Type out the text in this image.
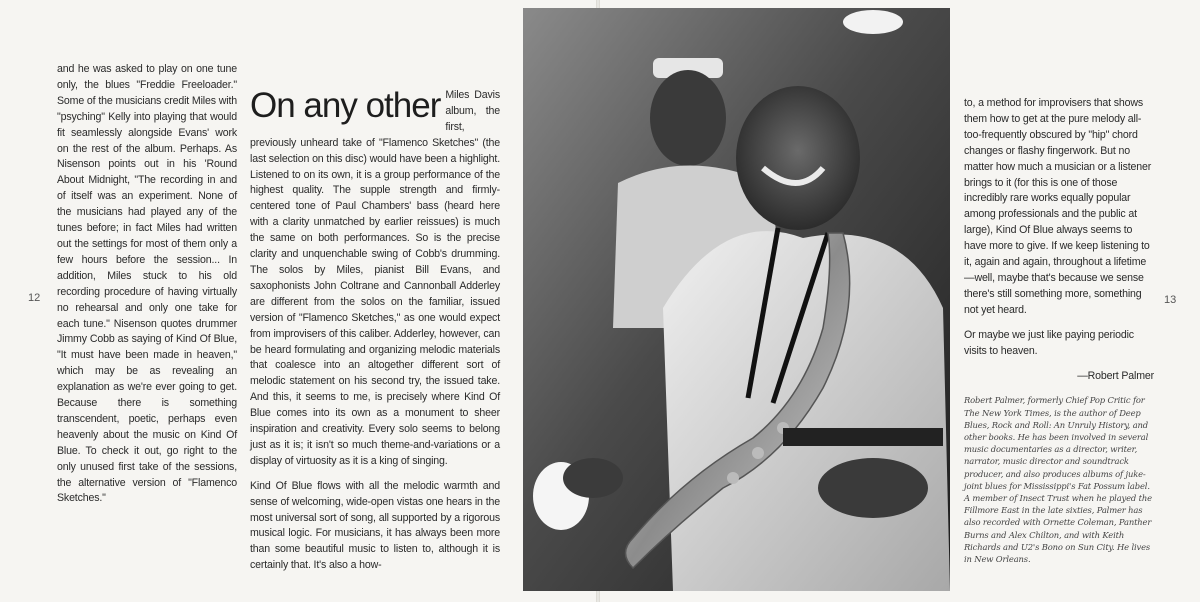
12	13

and he was asked to play on one tune only, the blues "Freddie Freeloader." Some of the musicians credit Miles with "psyching" Kelly into playing that would fit seamlessly alongside Evans' work on the rest of the album. Perhaps. As Nisenson points out in his 'Round About Midnight, "The recording in and of itself was an experiment. None of the musicians had played any of the tunes before; in fact Miles had written out the settings for most of them only a few hours before the session... In addition, Miles stuck to his old recording procedure of having virtually no rehearsal and only one take for each tune." Nisenson quotes drummer Jimmy Cobb as saying of Kind Of Blue, "It must have been made in heaven," which may be as revealing an explanation as we're ever going to get. Because there is something transcendent, poetic, perhaps even heavenly about the music on Kind Of Blue. To check it out, go right to the only unused first take of the sessions, the alternative version of "Flamenco Sketches."

On any other Miles Davis album, the first, previously unheard take of "Flamenco Sketches" (the last selection on this disc) would have been a highlight. Listened to on its own, it is a group performance of the highest quality. The supple strength and firmly-centered tone of Paul Chambers' bass (heard here with a clarity unmatched by earlier reissues) is much the same on both performances. So is the precise clarity and unquenchable swing of Cobb's drumming. The solos by Miles, pianist Bill Evans, and saxophonists John Coltrane and Cannonball Adderley are different from the solos on the familiar, issued version of "Flamenco Sketches," as one would expect from improvisers of this caliber. Adderley, however, can be heard formulating and organizing melodic materials that coalesce into an altogether different sort of melodic statement on his second try, the issued take. And this, it seems to me, is precisely where Kind Of Blue comes into its own as a monument to sheer inspiration and creativity. Every solo seems to belong just as it is; it isn't so much theme-and-variations or a display of virtuosity as it is a king of singing.

Kind Of Blue flows with all the melodic warmth and sense of welcoming, wide-open vistas one hears in the most universal sort of song, all supported by a rigorous musical logic. For musicians, it has always been more than some beautiful music to listen to, although it is certainly that. It's also a how-

to, a method for improvisers that shows them how to get at the pure melody all-too-frequently obscured by "hip" chord changes or flashy fingerwork. But no matter how much a musician or a listener brings to it (for this is one of those incredibly rare works equally popular among professionals and the public at large), Kind Of Blue always seems to have more to give. If we keep listening to it, again and again, throughout a lifetime—well, maybe that's because we sense there's still something more, something not yet heard.

Or maybe we just like paying periodic visits to heaven.

—Robert Palmer
Robert Palmer, formerly Chief Pop Critic for The New York Times, is the author of Deep Blues, Rock and Roll: An Unruly History, and other books. He has been involved in several music documentaries as a director, writer, narrator, music director and soundtrack producer, and also produces albums of juke-joint blues for Mississippi's Fat Possum label. A member of Insect Trust when he played the Fillmore East in the late sixties, Palmer has also recorded with Ornette Coleman, Panther Burns and Alex Chilton, and with Keith Richards and U2's Bono on Sun City. He lives in New Orleans.
